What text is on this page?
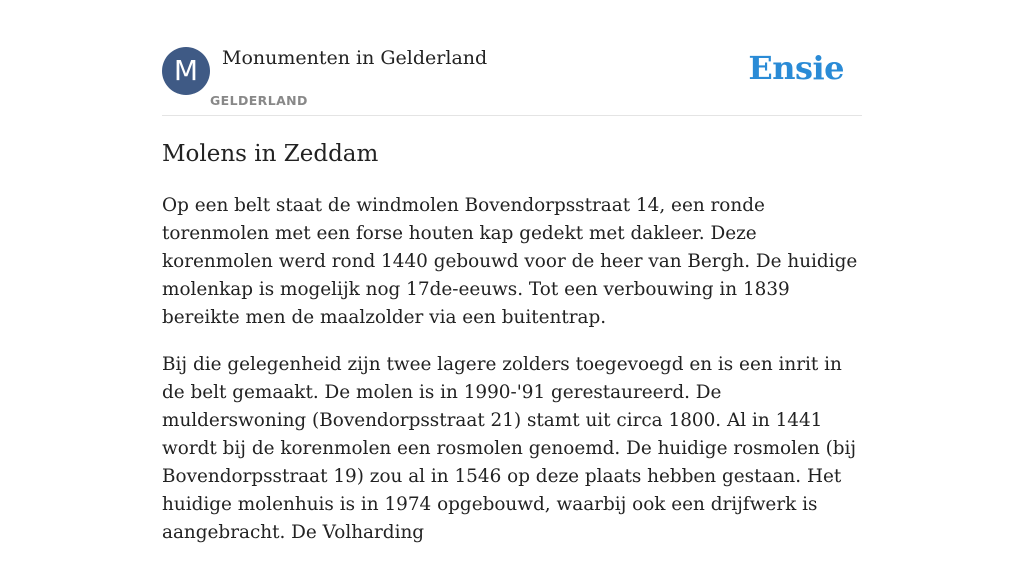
M	Monumenten in Gelderland
GELDERLAND
Ensie
Molens in Zeddam

Op een belt staat de windmolen Bovendorpsstraat 14, een ronde torenmolen met een forse houten kap gedekt met dakleer. Deze korenmolen werd rond 1440 gebouwd voor de heer van Bergh. De huidige molenkap is mogelijk nog 17de-eeuws. Tot een verbouwing in 1839 bereikte men de maalzolder via een buitentrap.

Bij die gelegenheid zijn twee lagere zolders toegevoegd en is een inrit in de belt gemaakt. De molen is in 1990-'91 gerestaureerd. De mulderswoning (Bovendorpsstraat 21) stamt uit circa 1800. Al in 1441 wordt bij de korenmolen een rosmolen genoemd. De huidige rosmolen (bij Bovendorpsstraat 19) zou al in 1546 op deze plaats hebben gestaan. Het huidige molenhuis is in 1974 opgebouwd, waarbij ook een drijfwerk is aangebracht. De Volharding
